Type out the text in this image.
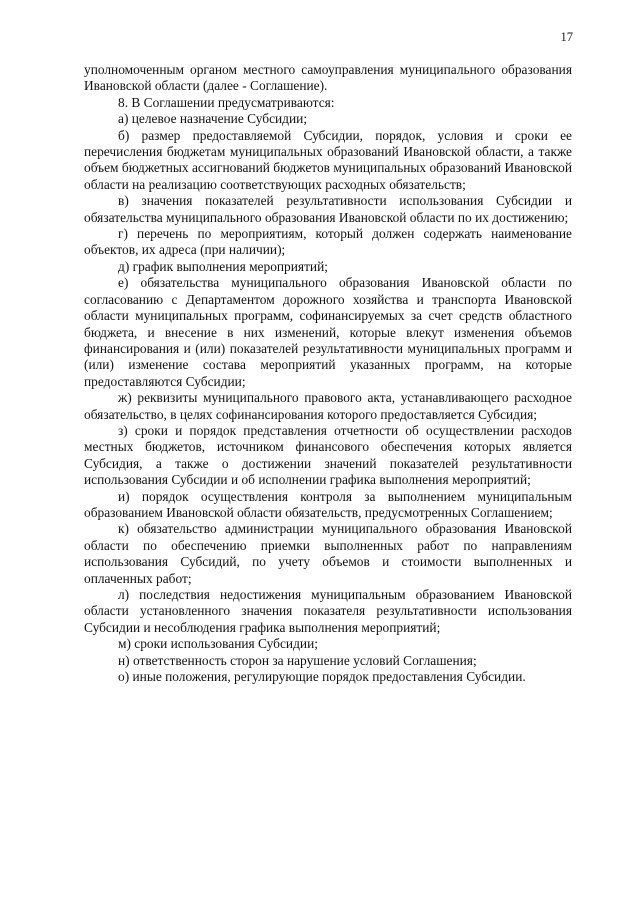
17

уполномоченным органом местного самоуправления муниципального образования Ивановской области (далее - Соглашение).

8. В Соглашении предусматриваются:

а) целевое назначение Субсидии;

б) размер предоставляемой Субсидии, порядок, условия и сроки ее перечисления бюджетам муниципальных образований Ивановской области, а также объем бюджетных ассигнований бюджетов муниципальных образований Ивановской области на реализацию соответствующих расходных обязательств;

в) значения показателей результативности использования Субсидии и обязательства муниципального образования Ивановской области по их достижению;

г) перечень по мероприятиям, который должен содержать наименование объектов, их адреса (при наличии);

д) график выполнения мероприятий;

е) обязательства муниципального образования Ивановской области по согласованию с Департаментом дорожного хозяйства и транспорта Ивановской области муниципальных программ, софинансируемых за счет средств областного бюджета, и внесение в них изменений, которые влекут изменения объемов финансирования и (или) показателей результативности муниципальных программ и (или) изменение состава мероприятий указанных программ, на которые предоставляются Субсидии;

ж) реквизиты муниципального правового акта, устанавливающего расходное обязательство, в целях софинансирования которого предоставляется Субсидия;

з) сроки и порядок представления отчетности об осуществлении расходов местных бюджетов, источником финансового обеспечения которых является Субсидия, а также о достижении значений показателей результативности использования Субсидии и об исполнении графика выполнения мероприятий;

и) порядок осуществления контроля за выполнением муниципальным образованием Ивановской области обязательств, предусмотренных Соглашением;

к) обязательство администрации муниципального образования Ивановской области по обеспечению приемки выполненных работ по направлениям использования Субсидий, по учету объемов и стоимости выполненных и оплаченных работ;

л) последствия недостижения муниципальным образованием Ивановской области установленного значения показателя результативности использования Субсидии и несоблюдения графика выполнения мероприятий;

м) сроки использования Субсидии;

н) ответственность сторон за нарушение условий Соглашения;

о) иные положения, регулирующие порядок предоставления Субсидии.
